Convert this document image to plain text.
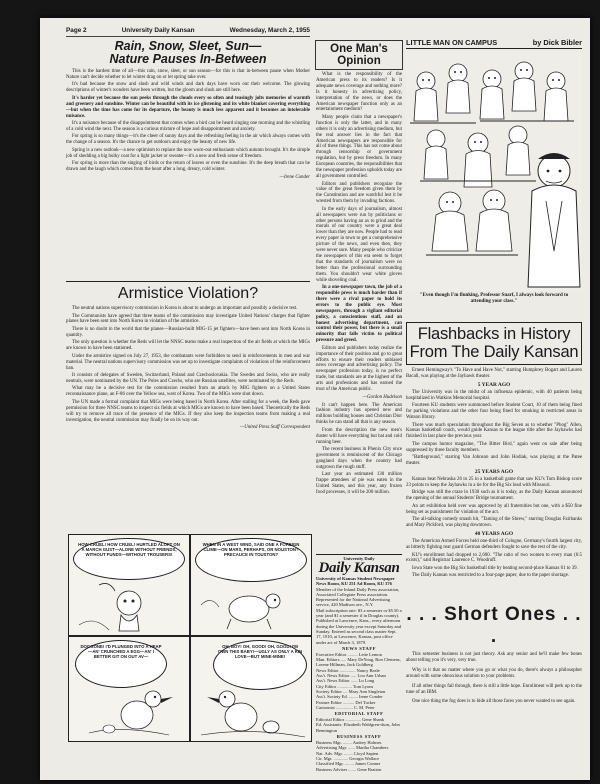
Page 2	University Daily Kansan	Wednesday, March 2, 1955

Rain, Snow, Sleet, Sun—

Nature Pauses In-Between

This is the hardest time of all—this rain, snow, sleet, or sun season—for this is that in-between pause when Mother Nature can't decide whether to let winter drag on or let spring take over.

It's bad because the snow and slush and wild winds and dark days have worn out their welcome. The glowing descriptions of winter's wonders have been written, but the gloom and slush are still here.

It's harder yet because the sun peeks through the clouds every so often and teasingly jolts memories of warmth and greenery and sunshine. Winter can be beautiful with its ice glistening and its white blanket covering everything—but when the time has come for its departure, the beauty is much less apparent and it becomes an intolerable nuisance.

It's a nuisance because of the disappointment that comes when a bird can be heard singing one morning and the whistling of a cold wind the next. The season is a curious mixture of hope and disappointment and anxiety.

For spring is so many things—it's the cheer of sunny days and the refreshing feeling in the air which always comes with the change of a season. It's the chance to get outdoors and enjoy the beauty of new life.

Spring is a new outlook—a new optimism to replace the now worn-out enthusiasm which autumn brought. It's the simple job of shedding a big bulky coat for a light jacket or sweater—it's a new and fresh sense of freedom.

For spring is more than the singing of birds or the return of leaves or even the sunshine. It's the deep breath that can be drawn and the laugh which comes from the heart after a long, dreary, cold winter.

—Irene Conder

Armistice Violation?

The neutral nations supervisory commission in Korea is about to undergo an important and possibly a decisive test.

The Communists have agreed that three teams of the commission may investigate United Nations' charges that fighter planes have been sent into North Korea in violation of the armistice.

There is no doubt in the world that the planes—Russian-built MIG-15 jet fighters—have been sent into North Korea in quantity.

The only question is whether the Reds will let the NNSC teams make a real inspection of the air fields at which the MIGs are known to have been stationed.

Under the armistice signed on July 27, 1953, the combatants were forbidden to send in reinforcements in men and war material. The neutral nations supervisory commission was set up to investigate complaints of violations of the reinforcement ban.

It consists of delegates of Sweden, Switzerland, Poland and Czechoslovakia. The Swedes and Swiss, who are really neutrals, were nominated by the UN. The Poles and Czechs, who are Russian satellites, were nominated by the Reds.

What may be a decisive test for the commission resulted from an attack by MIG fighters on a United States reconnaissance plane, an F-86 over the Yellow sea, west of Korea. Two of the MIGs were shot down.

The UN made a formal complaint that MIGs were being based in North Korea. After stalling for a week, the Reds gave permission for three NNSC teams to inspect six fields at which MIGs are known to have been based. Theoretically the Reds will try to remove all trace of the presence of the MIGs. If they also keep the inspection teams from making a real investigation, the neutral commission may finally be on its way out.

—United Press Staff Correspondent

HOW CRUEL! HOW CRUEL! HURTLED ALOFT ON A MARCH GUST—ALONE WITHOUT FRIENDS, WITHOUT FUNDS—WITHOUT TROUSERS!
WHEN IN A WEST WIND, SAID ONE A FOREIGN CLIME—ON MARS, PERHAPS, OR NOUSTON? PRECAUCE IN TOUSTON?
DOGGONE! I'D PLUNGED INTO A HEAP—AN' CRUNCHED A EGG—AN' I BETTER GIT ON OUT AV—
OH, BOY! OH, GOOD! OH, GOOD! I'M OWN THIS BABY!—UGLY AS ONLY A KIN LOVE—BUT MINE-MINE!

One Man's

Opinion

What is the responsibility of the American press to its readers? Is it adequate news coverage and nothing more? Is it honesty in advertising policy, interpretation of the news, or does the American newspaper function only as an entertainment medium?

Many people claim that a newspaper's function is only the latter, and in many others it is only an advertising medium, but the real answer lies in the fact that American newspapers are responsible for all of these things. This has not come about through censorship or government regulation, but by press freedom. In many European countries, the responsibilities that the newspaper profession upholds today are all government controlled.

Editors and publishers recognize the value of the great freedom given them by the Constitution and are watchful lest it be wrested from them by invading factions.

In the early days of journalism, almost all newspapers were run by politicians or other persons having an ax to grind and the morals of our country were a great deal lower than they are now. People had to read every paper in town to get a comprehensive picture of the news, and even then, they were never sure. Many people who criticize the newspapers of this era seem to forget that the standards of journalism were no better than the professional surrounding them. You shouldn't wear white gloves while shoveling coal.

In a one-newspaper town, the job of a responsible press is much harder than if there were a rival paper to hold its errors to the public eye. Most newspapers, through a vigilant editorial policy, a conscientious staff, and an honest advertising department, can control their power, but there is a small minority that falls victim to political pressure and greed.

Editors and publishers today realize the importance of their position and go to great efforts to ensure their readers unbiased news coverage and advertising policy. The newspaper profession today, is no perfect trade, but standards are at the highest of the arts and professions and has earned the trust of the American public.

—Gordon Hudelson

It can't happen here. The American fashion industry has opened new and millions building houses and Christian Dior thinks he can stand all that is any season.

From the description the new men's duster will have everything but hat and cold running beer.

The recent business in Phenix City once government is reminiscent of the Chicago gangland days when the country had outgrown the rough stuff.

Last year an estimated 130 million frappe attendees of pie was eaten in the United States, and this year, any frozen food processes, it will be 200 million.

University Daily
Daily Kansan

University of Kansas Student Newspaper

News Room, KU 251 Ad Room, KU 376

Member of the Inland Daily Press association, Associated Collegiate Press association. Represented for the National Advertising service, 420 Madison ave., N.Y.

Mail subscription rate: $3 a semester or $5.50 a year (and $1 a semester if in Douglas county). Published at Lawrence, Kans., every afternoon during the University year except Saturday and Sunday. Entered as second class matter Sept. 17, 1910, at Lawrence, Kansas, post office under act of March 3, 1879.

NEWS STAFF

Executive Editor ......... Lette Lemon

Man. Editors ..... Mary DeYong, Ron Clemens, Lorene Hillman, Jack Goldberg

News Editor .............. Nancy Beale

Ass't. News Editor ..... Lou Ann Urban

Ass't. News Editor ...... Lu Long

City Editor ............. Tom Lyons

Society Editor .... Mary Ann Singleton

Ass't. Society Ed. ........ Irene Conder

Feature Editor .......... Del Tucker

Cartoonist ............... C. M. Peter

EDITORIAL STAFF

Editorial Editor .............. Gene Shank

Ed. Assistants: Elizabeth Wahlgren-dson, John Bennington

BUSINESS STAFF

Business Mgr. ........ Audrey Holmes

Advertising Mgr. ...... Martha Chambers

Nat. Adv. Mgr. ........ Lloyd Sapien

Cir. Mgr. ............. Georgia Wallace

Classified Mgr. ........ James Conner

Business Adviser ....... Gene Bratton

LITTLE MAN ON CAMPUS	by Dick Bibler

"Even though I'm flunking, Professor Snarf, I always look forward to attending your class."

Flashbacks in History

From The Daily Kansan

Ernest Hemingway's "To Have and Have Not," starring Humphrey Bogart and Lauren Bacall, was playing at the Jayhawk theater.

5 YEAR AGO

The University was in the midst of an influenza epidemic, with 40 patients being hospitalized in Watkins Memorial hospital.

Fourteen KU students were summoned before Student Court, 10 of them being fined for parking violations and the other four being fined for smoking in restricted areas in Watson library.

There was much speculation throughout the Big Seven as to whether "Phog" Allen, Kansas basketball coach, would guide Kansas to the league title after the Jayhawks had finished in last place the previous year.

The campus humor magazine, "The Bitter Bird," again went on sale after being suppressed by three faculty members.

"Battleground," starring Van Johnson and John Hodiak, was playing at the Patee theater.

25 YEARS AGO

Kansas beat Nebraska 26 to 25 in a basketball game that saw KU's Tom Bishop score 23 points to keep the Jayhawks in a tie for the Big Six lead with Missouri.

Bridge was still the craze in 1930 such as it is today, as the Daily Kansan announced the opening of the annual Students' Bridge tournament.

An art exhibition held over was approved by all fraternities but one, with a $50 fine being set as punishment for violation of the act.

The all-talking comedy smash hit, "Taming of the Shrew," starring Douglas Fairbanks and Mary Pickford, was playing downtown.

40 YEARS AGO

The American Armed Forces held one-third of Cologne, Germany's fourth largest city, as bitterly fighting rear guard German defenders fought to save the rest of the city.

KU's enrollment had dropped to 2,600. "The ratio of two women to every man (6:5 exists)," said Registrar Laurence C. Woodruff.

Iowa State won the Big Six basketball title by beating second-place Kansas 61 to 39.

The Daily Kansan was restricted to a four-page paper, due to the paper shortage.

. . . Short Ones . . .

This semester business is not just theory. Ask any senior and he'll make few bones about telling you it's very, very true.

Why is it that no matter where you go or what you do, there's always a philosopher around with some obnoxious solution to your problems.

If all other things fail through, there is still a little hope. Enrollment will perk up to the tune of an IBM.

One nice thing the fog does is to hide all those faces you never wanted to see again.
